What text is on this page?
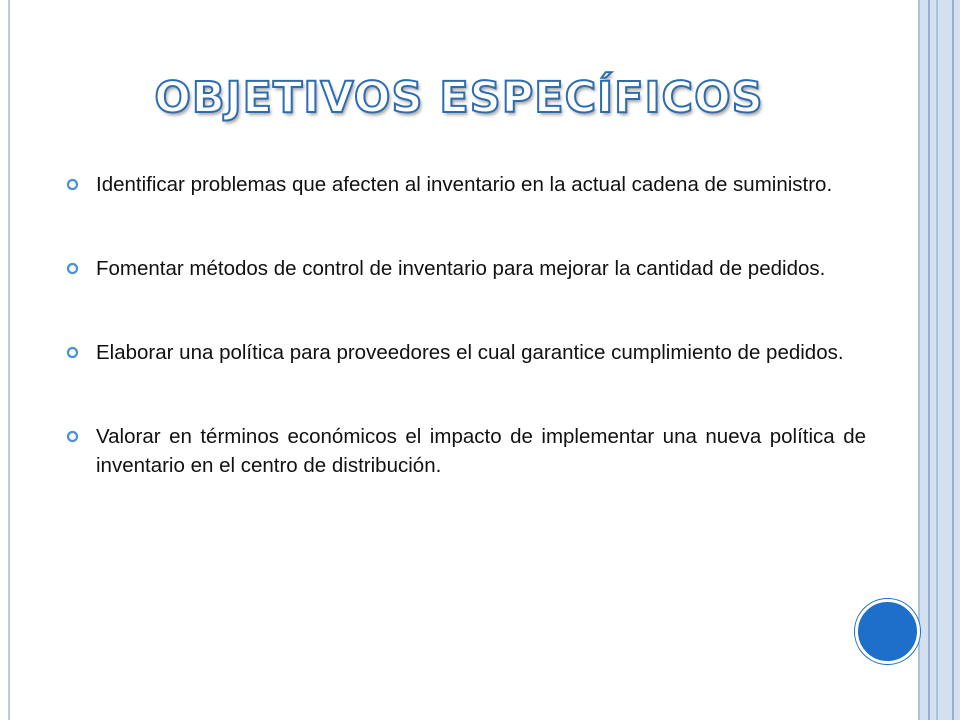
OBJETIVOS ESPECÍFICOS
Identificar problemas que afecten al inventario en la actual cadena de suministro.
Fomentar métodos de control de inventario para mejorar la cantidad de pedidos.
Elaborar una política para proveedores el cual garantice cumplimiento de pedidos.
Valorar en términos económicos el impacto de implementar una nueva política de inventario en el centro de distribución.
